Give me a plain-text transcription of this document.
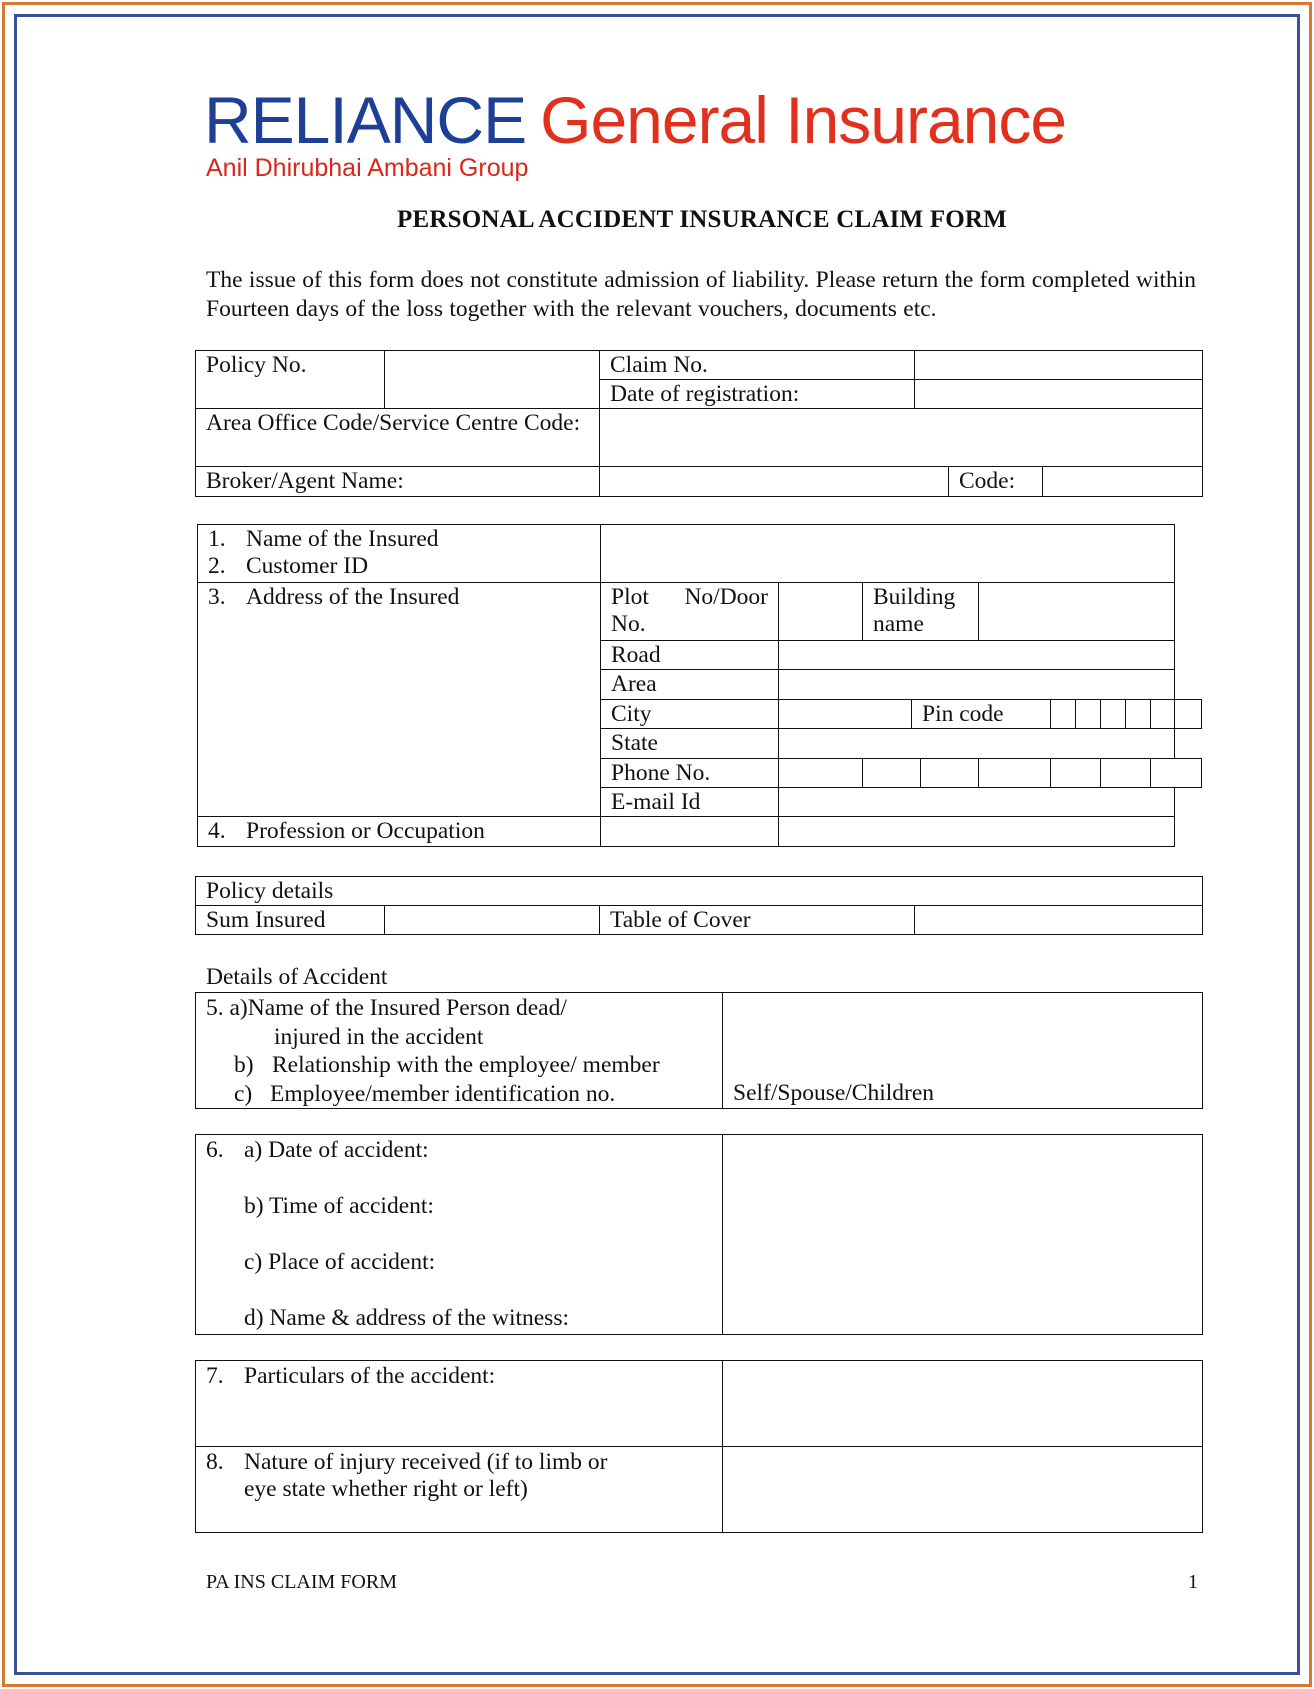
RELIANCE General Insurance
Anil Dhirubhai Ambani Group
PERSONAL ACCIDENT INSURANCE CLAIM FORM
The issue of this form does not constitute admission of liability. Please return the form completed within Fourteen days of the loss together with the relevant vouchers, documents etc.
Policy No.		Claim No.			
		Date of registration:			
Area Office Code/Service Centre Code:					
Broker/Agent Name:				Code:	
1. Name of the Insured
2. Customer ID												

3. Address of the Insured	Plot No/Door No.		Building name									
	Road											
	Area											
	City			Pin code								
	State											
	Phone No.											
	E-mail Id											
4. Profession or Occupation												
Policy details
Sum Insured		Table of Cover	
Details of Accident
5. a)Name of the Insured Person dead/
injured in the accident
b) Relationship with the employee/ member
c) Employee/member identification no.	Self/Spouse/Children
6. a) Date of accident:
b) Time of accident:
c) Place of accident:
d) Name & address of the witness:

7. Particulars of the accident:	

8. Nature of injury received (if to limb or
eye state whether right or left)	

PA INS CLAIM FORM	1
